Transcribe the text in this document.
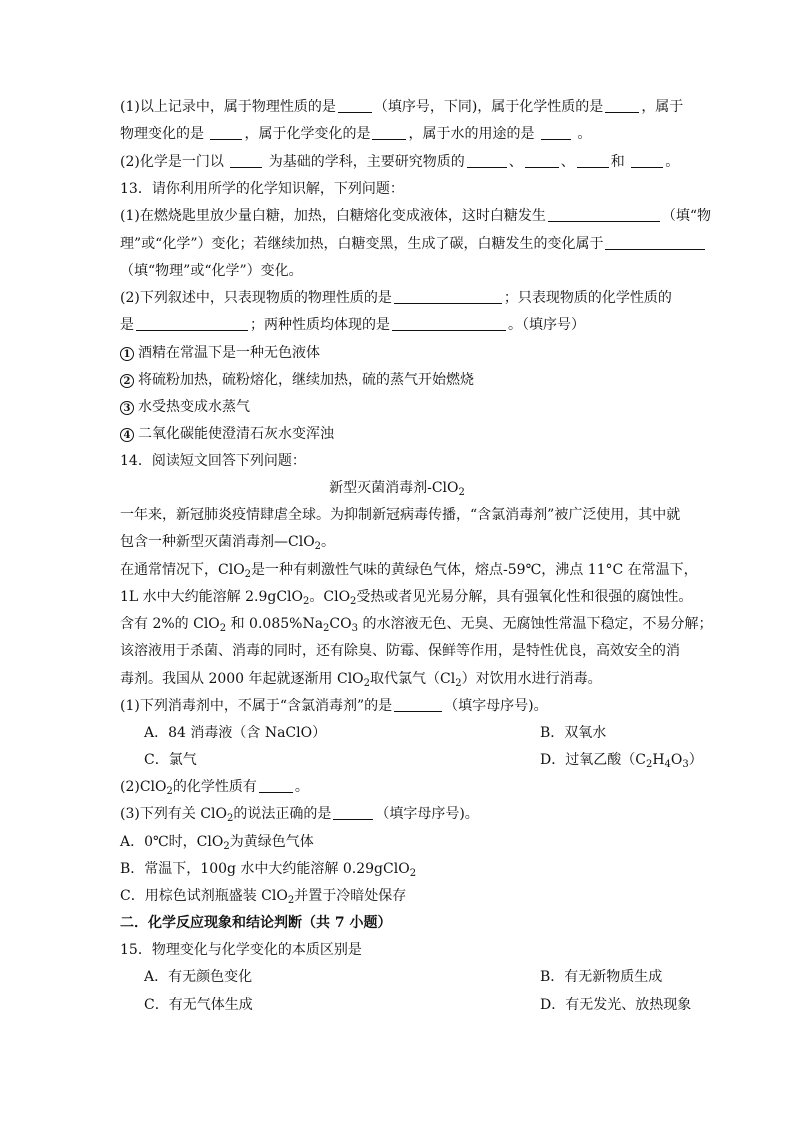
(1)以上记录中，属于物理性质的是	（填序号，下同)，属于化学性质的是	，属于
物理变化的是	，属于化学变化的是	，属于水的用途的是  。
(2)化学是一门以	为基础的学科，主要研究物质的	、	、	和	。
13．请你利用所学的化学知识解，下列问题：
(1)在燃烧匙里放少量白糖，加热，白糖熔化变成液体，这时白糖发生	（填“物
理”或“化学”）变化；若继续加热，白糖变黑，生成了碳，白糖发生的变化属于
（填“物理”或“化学”）变化。
(2)下列叙述中，只表现物质的物理性质的是	；只表现物质的化学性质的
是	；两种性质均体现的是	。（填序号）
1 酒精在常温下是一种无色液体
2 将硫粉加热，硫粉熔化，继续加热，硫的蒸气开始燃烧
3 水受热变成水蒸气
4 二氧化碳能使澄清石灰水变浑浊
14．阅读短文回答下列问题：
新型灭菌消毒剂-ClO$_2$
一年来，新冠肺炎疫情肆虐全球。为抑制新冠病毒传播，“含氯消毒剂”被广泛使用，其中就
包含一种新型灭菌消毒剂—ClO$_2$。
在通常情况下，ClO$_2$是一种有刺激性气味的黄绿色气体，熔点-59℃，沸点 11°C 在常温下，
1L 水中大约能溶解 2.9gClO$_2$。ClO$_2$受热或者见光易分解，具有强氧化性和很强的腐蚀性。
含有 2%的 ClO$_2$ 和 $0.085\%Na_2CO_3$ 的水溶液无色、无臭、无腐蚀性常温下稳定，不易分解；
该溶液用于杀菌、消毒的同时，还有除臭、防霉、保鲜等作用，是特性优良，高效安全的消
毒剂。我国从 2000 年起就逐渐用 ClO$_2$取代氯气$(Cl_2)$对饮用水进行消毒。
(1)下列消毒剂中，不属于“含氯消毒剂”的是	（填字母序号)。
A．84 消毒液（含 NaClO）	B．双氧水
C．氯气	D．过氧乙酸$(C_2H_4O_3)$
(2)ClO$_2$的化学性质有	。
(3)下列有关 ClO$_2$的说法正确的是	（填字母序号)。
A．0℃时，ClO$_2$为黄绿色气体
B．常温下，100g 水中大约能溶解 0.29gClO$_2$
C．用棕色试剂瓶盛装 ClO$_2$并置于冷暗处保存
二．化学反应现象和结论判断（共 7 小题）
15．物理变化与化学变化的本质区别是
A．有无颜色变化	B．有无新物质生成
C．有无气体生成	D．有无发光、放热现象
